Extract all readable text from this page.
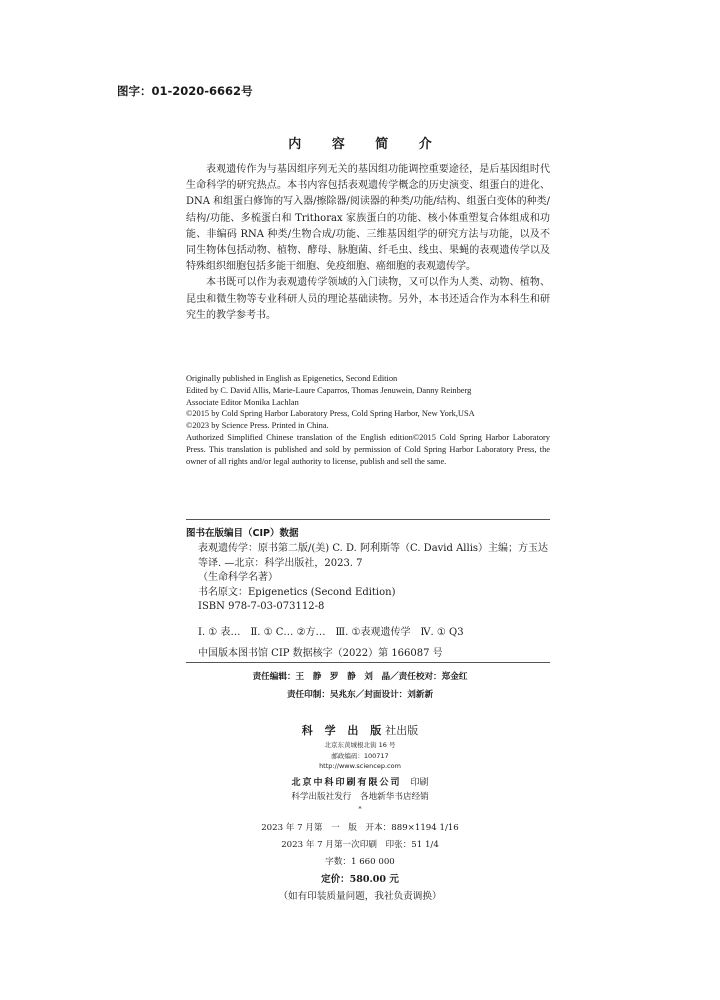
图字：01-2020-6662号
内 容 简 介

表观遗传作为与基因组序列无关的基因组功能调控重要途径，是后基因组时代生命科学的研究热点。本书内容包括表观遗传学概念的历史演变、组蛋白的进化、DNA 和组蛋白修饰的写入器/擦除器/阅读器的种类/功能/结构、组蛋白变体的种类/结构/功能、多梳蛋白和 Trithorax 家族蛋白的功能、核小体重塑复合体组成和功能、非编码 RNA 种类/生物合成/功能、三维基因组学的研究方法与功能，以及不同生物体包括动物、植物、酵母、脉胞菌、纤毛虫、线虫、果蝇的表观遗传学以及特殊组织细胞包括多能干细胞、免疫细胞、癌细胞的表观遗传学。

本书既可以作为表观遗传学领域的入门读物，又可以作为人类、动物、植物、昆虫和微生物等专业科研人员的理论基础读物。另外，本书还适合作为本科生和研究生的教学参考书。

Originally published in English as Epigenetics, Second Edition
Edited by C. David Allis, Marie-Laure Caparros, Thomas Jenuwein, Danny Reinberg
Associate Editor Monika Lachlan
©2015 by Cold Spring Harbor Laboratory Press, Cold Spring Harbor, New York,USA
©2023 by Science Press. Printed in China.
Authorized Simplified Chinese translation of the English edition©2015 Cold Spring Harbor Laboratory Press. This translation is published and sold by permission of Cold Spring Harbor Laboratory Press, the owner of all rights and/or legal authority to license, publish and sell the same.
图书在版编目（CIP）数据
表观遗传学：原书第二版/(美) C. D. 阿利斯等（C. David Allis）主编；方玉达等译. —北京：科学出版社，2023. 7
（生命科学名著）
书名原文：Epigenetics (Second Edition)
ISBN 978-7-03-073112-8
Ⅰ. ① 表…　Ⅱ. ① C… ②方…　Ⅲ. ①表观遗传学　Ⅳ. ① Q3
中国版本图书馆 CIP 数据核字（2022）第 166087 号
责任编辑：王　静　罗　静　刘　晶／责任校对：郑金红
责任印制：吴兆东／封面设计：刘新新
科 学 出 版社出版
北京东黄城根北街 16 号
邮政编码：100717
http://www.sciencep.com
北京中科印刷有限公司　 印刷
科学出版社发行　各地新华书店经销
*
2023 年 7 月第　一　版　开本：889×1194 1/16
2023 年 7 月第一次印刷　印张：51 1/4
字数：1 660 000
定价：580.00 元
（如有印装质量问题，我社负责调换）
